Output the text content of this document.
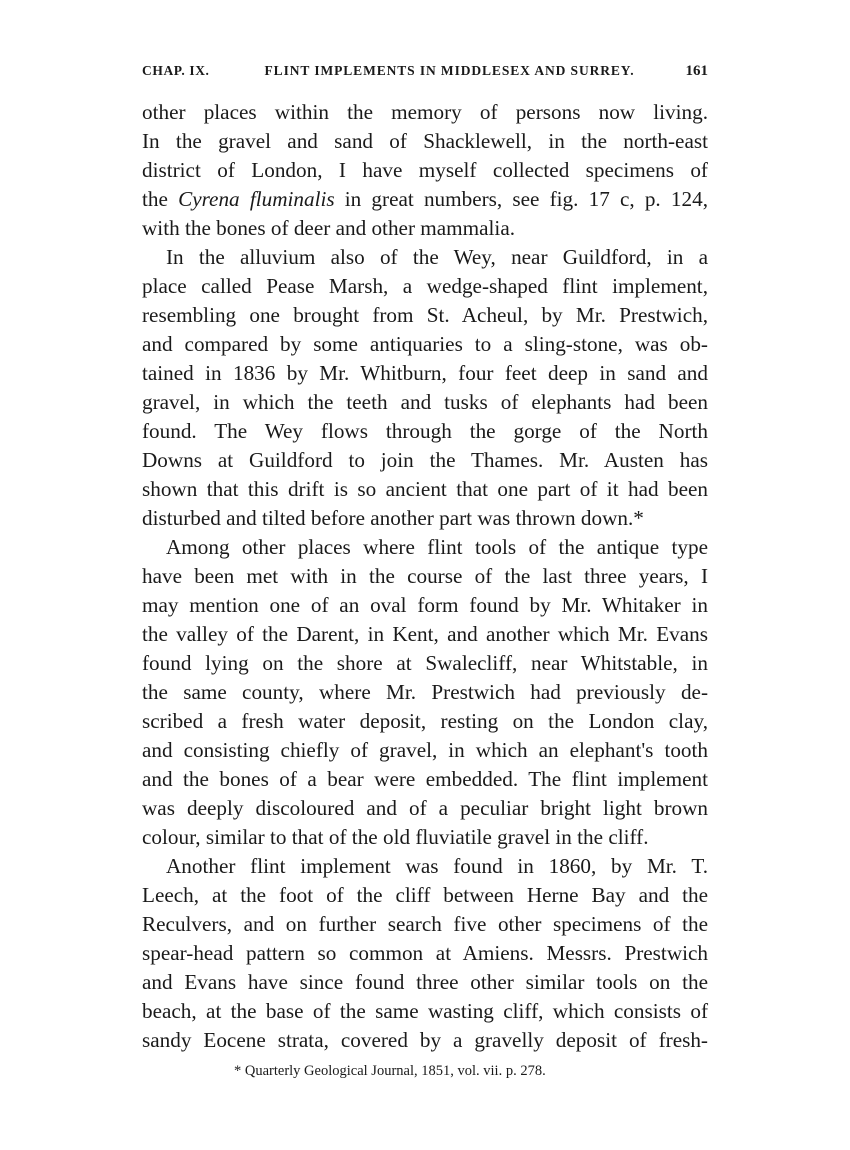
CHAP. IX.	FLINT IMPLEMENTS IN MIDDLESEX AND SURREY.	161
other places within the memory of persons now living.
In the gravel and sand of Shacklewell, in the north-east
district of London, I have myself collected specimens of
the Cyrena fluminalis in great numbers, see fig. 17 c, p. 124,
with the bones of deer and other mammalia.
In the alluvium also of the Wey, near Guildford, in a
place called Pease Marsh, a wedge-shaped flint implement,
resembling one brought from St. Acheul, by Mr. Prestwich,
and compared by some antiquaries to a sling-stone, was ob-
tained in 1836 by Mr. Whitburn, four feet deep in sand and
gravel, in which the teeth and tusks of elephants had been
found. The Wey flows through the gorge of the North
Downs at Guildford to join the Thames. Mr. Austen has
shown that this drift is so ancient that one part of it had been
disturbed and tilted before another part was thrown down.*
Among other places where flint tools of the antique type
have been met with in the course of the last three years, I
may mention one of an oval form found by Mr. Whitaker in
the valley of the Darent, in Kent, and another which Mr. Evans
found lying on the shore at Swalecliff, near Whitstable, in
the same county, where Mr. Prestwich had previously de-
scribed a fresh water deposit, resting on the London clay,
and consisting chiefly of gravel, in which an elephant's tooth
and the bones of a bear were embedded. The flint implement
was deeply discoloured and of a peculiar bright light brown
colour, similar to that of the old fluviatile gravel in the cliff.
Another flint implement was found in 1860, by Mr. T.
Leech, at the foot of the cliff between Herne Bay and the
Reculvers, and on further search five other specimens of the
spear-head pattern so common at Amiens. Messrs. Prestwich
and Evans have since found three other similar tools on the
beach, at the base of the same wasting cliff, which consists of
sandy Eocene strata, covered by a gravelly deposit of fresh-
* Quarterly Geological Journal, 1851, vol. vii. p. 278.
